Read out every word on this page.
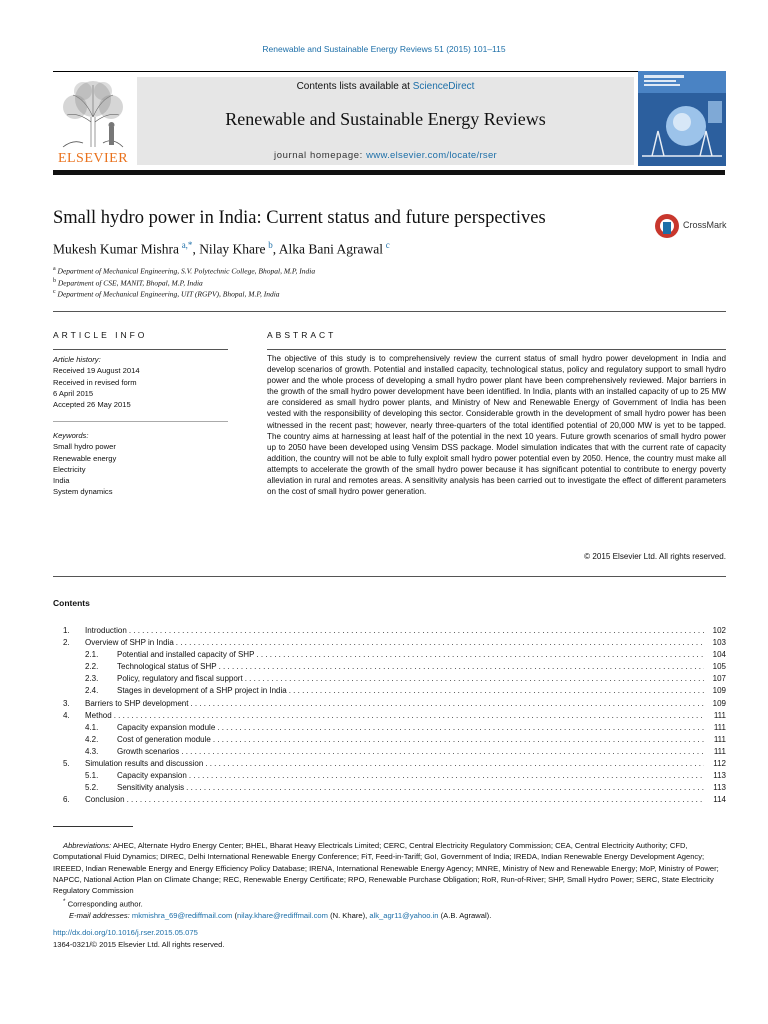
Renewable and Sustainable Energy Reviews 51 (2015) 101–115
ELSEVIER
Contents lists available at ScienceDirect
Renewable and Sustainable Energy Reviews
journal homepage: www.elsevier.com/locate/rser
Small hydro power in India: Current status and future perspectives	CrossMark
Mukesh Kumar Mishra  $^{a,*}$, Nilay Khare  $^b$, Alka Bani Agrawal  $^c$
$^a$ Department of Mechanical Engineering, S.V. Polytechnic College, Bhopal, M.P, India
$^b$ Department of CSE, MANIT, Bhopal, M.P, India
$^c$ Department of Mechanical Engineering, UIT (RGPV), Bhopal, M.P, India
ARTICLE INFO
Article history:
Received 19 August 2014
Received in revised form
6 April 2015
Accepted 26 May 2015
Keywords:
Small hydro power
Renewable energy
Electricity
India
System dynamics
ABSTRACT
The objective of this study is to comprehensively review the current status of small hydro power development in India and develop scenarios of growth. Potential and installed capacity, technological status, policy and regulatory support to small hydro power and the whole process of developing a small hydro power plant have been comprehensively reviewed. Major barriers in the growth of the small hydro power development have been identified. In India, plants with an installed capacity of up to 25 MW are considered as small hydro power plants, and Ministry of New and Renewable Energy of Government of India has been vested with the responsibility of developing this sector. Considerable growth in the development of small hydro power has been witnessed in the recent past; however, nearly three-quarters of the total identified potential of 20,000 MW is yet to be tapped. The country aims at harnessing at least half of the potential in the next 10 years. Future growth scenarios of small hydro power up to 2050 have been developed using Vensim DSS package. Model simulation indicates that with the current rate of capacity addition, the country will not be able to fully exploit small hydro power potential even by 2050. Hence, the country must make all attempts to accelerate the growth of the small hydro power because it has significant potential to contribute to energy poverty alleviation in rural and remotes areas. A sensitivity analysis has been carried out to investigate the effect of different parameters on the cost of small hydro power generation.
© 2015 Elsevier Ltd. All rights reserved.
Contents
1.	Introduction . . .	102
2.	Overview of SHP in India . . .	103
2.1.	Potential and installed capacity of SHP . . .	104
2.2.	Technological status of SHP . . .	105
2.3.	Policy, regulatory and fiscal support . . .	107
2.4.	Stages in development of a SHP project in India . . .	109
3.	Barriers to SHP development . . .	109
4.	Method . . .	111
4.1.	Capacity expansion module . . .	111
4.2.	Cost of generation module . . .	111
4.3.	Growth scenarios . . .	111
5.	Simulation results and discussion . . .	112
5.1.	Capacity expansion . . .	113
5.2.	Sensitivity analysis . . .	113
6.	Conclusion . . .	114
Abbreviations: AHEC, Alternate Hydro Energy Center; BHEL, Bharat Heavy Electricals Limited; CERC, Central Electricity Regulatory Commission; CEA, Central Electricity Authority; CFD, Computational Fluid Dynamics; DIREC, Delhi International Renewable Energy Conference; FiT, Feed-in-Tariff; GoI, Government of India; IREDA, Indian Renewable Energy Development Agency; IREEED, Indian Renewable Energy and Energy Efficiency Policy Database; IRENA, International Renewable Energy Agency; MNRE, Ministry of New and Renewable Energy; MoP, Ministry of Power; NAPCC, National Action Plan on Climate Change; REC, Renewable Energy Certificate; RPO, Renewable Purchase Obligation; RoR, Run-of-River; SHP, Small Hydro Power; SERC, State Electricity Regulatory Commission
* Corresponding author.
E-mail addresses: mkmishra_69@rediffmail.com (nilay.khare@rediffmail.com (N. Khare), alk_agr11@yahoo.in (A.B. Agrawal).
http://dx.doi.org/10.1016/j.rser.2015.05.075
1364-0321/© 2015 Elsevier Ltd. All rights reserved.
